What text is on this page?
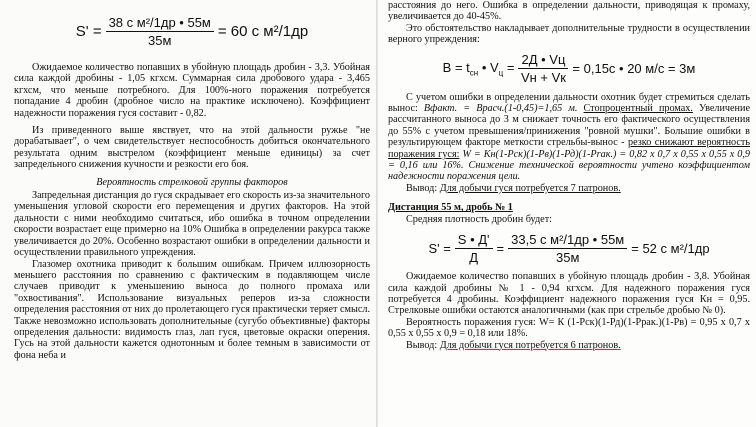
$S' = \frac{\text{38 с м²/1др • 55м}}{35м} = 60$ с м²/1др

Ожидаемое количество попавших в убойную площадь дробин - 3,3. Убойная сила каждой дробины - 1,05 кгхсм. Суммарная сила дробового удара - 3,465 кгхсм, что меньше потребного. Для 100%-ного поражения потребуется попадание 4 дробин (дробное число на практике исключено). Коэффициент надежности поражения гуся составит - 0,82.

Из приведенного выше явствует, что на этой дальности ружье "не дорабатывает", о чем свидетельствует неспособность добиться окончательного результата одним выстрелом (коэффициент меньше единицы) за счет запредельного снижения кучности и резкости его боя.

Вероятность стрелковой группы факторов

Запредельная дистанция до гуся скрадывает его скорость из-за значительного уменьшения угловой скорости его перемещения и других факторов. На этой дальности с ними необходимо считаться, ибо ошибка в точном определении скорости возрастает еще примерно на 10% Ошибка в определении ракурса также увеличивается до 20%. Особенно возрастают ошибки в определении дальности и осуществлении правильного упреждения.

Глазомер охотника приводит к большим ошибкам. Причем иллюзорность меньшего расстояния по сравнению с фактическим в подавляющем числе случаев приводит к уменьшению выноса до полного промаха или "охвостивания". Использование визуальных реперов из-за сложности определения расстояния от них до пролетающего гуся практически теряет смысл. Также невозможно использовать дополнительные (сугубо объективные) факторы определения дальности: видимость глаз, лап гуся, цветовые окраски оперения. Гусь на этой дальности кажется однотонным и более темным в зависимости от фона неба и

расстояния до него. Ошибка в определении дальности, приводящая к промаху, увеличивается до 40-45%.

Это обстоятельство накладывает дополнительные трудности в осуществлении верного упреждения:

$В = t_{сн}$ • $V_ц = \frac{2Д • Vц}{Vн + Vк} = 0,15с$ • 20 м/с = 3м

С учетом ошибки в определении дальности охотник будет стремиться сделать вынос: Вфакт. = Врасч.(1-0,45)=1,65 м. Стопроцентный промах. Увеличение рассчитанного выноса до 3 м снижает точность его фактического осуществления до 55% с учетом превышения/принижения "ровной мушки". Большие ошибки в результирующем факторе меткости стрельбы-вынос - резко снижают вероятность поражения гуся: W = Кн(1-Рск)(1-Рв)(1-Рд)(1-Рrак.) = 0,82 х 0,7 х 0,55 х 0,55 х 0,9 = 0,16 или 16%. Снижение технической вероятности учтено коэффициентом надежности поражения цели.

Вывод: Для добычи гуся потребуется 7 патронов.

Дистанция 55 м, дробь № 1

Средняя плотность дробин будет:

$S' = \frac{S • Д'}{Д} = \frac{\text{33,5 с м²/1др • 55м}}{35м} = 52$ с м²/1др

Ожидаемое количество попавших в убойную площадь дробин - 3,8. Убойная сила каждой дробины № 1 - 0,94 кгхсм. Для надежного поражения гуся потребуется 4 дробины. Коэффициент надежного поражения гуся Кн = 0,95. Стрелковые ошибки остаются аналогичными (как при стрельбе дробью № 0).

Вероятность поражения гуся: W= К (1-Рск)(1-Рд)(1-Ррак.)(1-Рв) = 0,95 х 0,7 х 0,55 х 0,55 х 0,9 = 0,18 или 18%.

Вывод: Для добычи гуся потребуется 6 патронов.
